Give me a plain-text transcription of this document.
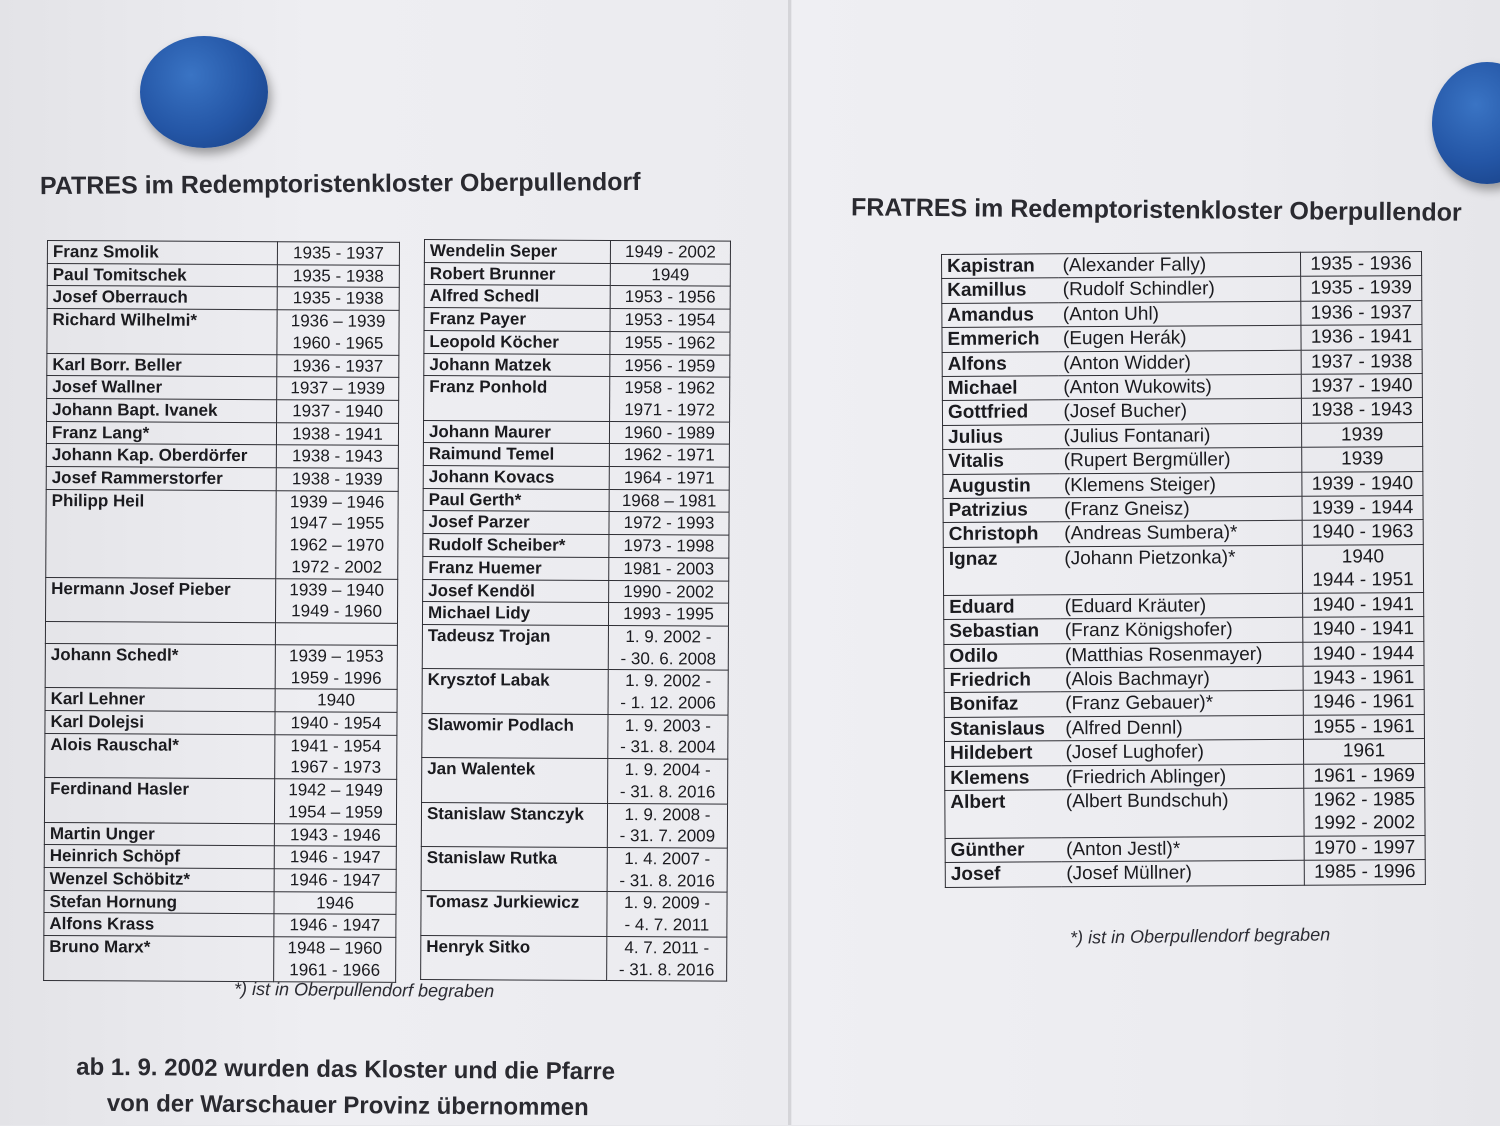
PATRES im Redemptoristenkloster Oberpullendorf
FRATRES im Redemptoristenkloster Oberpullendor
Franz Smolik	1935 - 1937

Paul Tomitschek	1935 - 1938

Josef Oberrauch	1935 - 1938

Richard Wilhelmi*	1936 – 1939
1960 - 1965

Karl Borr. Beller	1936 - 1937

Josef Wallner	1937 – 1939

Johann Bapt. Ivanek	1937 - 1940

Franz Lang*	1938 - 1941

Johann Kap. Oberdörfer	1938 - 1943

Josef Rammerstorfer	1938 - 1939

Philipp Heil	1939 – 1946
1947 – 1955
1962 – 1970
1972 - 2002

Hermann Josef Pieber	1939 – 1940
1949 - 1960

Johann Schedl*	1939 – 1953
1959 - 1996

Karl Lehner	1940

Karl Dolejsi	1940 - 1954

Alois Rauschal*	1941 - 1954
1967 - 1973

Ferdinand Hasler	1942 – 1949
1954 – 1959

Martin Unger	1943 - 1946

Heinrich Schöpf	1946 - 1947

Wenzel Schöbitz*	1946 - 1947

Stefan Hornung	1946

Alfons Krass	1946 - 1947

Bruno Marx*	1948 – 1960
1961 - 1966
Wendelin Seper	1949 - 2002

Robert Brunner	1949

Alfred Schedl	1953 - 1956

Franz Payer	1953 - 1954

Leopold Köcher	1955 - 1962

Johann Matzek	1956 - 1959

Franz Ponhold	1958 - 1962
1971 - 1972

Johann Maurer	1960 - 1989

Raimund Temel	1962 - 1971

Johann Kovacs	1964 - 1971

Paul Gerth*	1968 – 1981

Josef Parzer	1972 - 1993

Rudolf Scheiber*	1973 - 1998

Franz Huemer	1981 - 2003

Josef Kendöl	1990 - 2002

Michael Lidy	1993 - 1995

Tadeusz Trojan	1. 9. 2002 -
- 30. 6. 2008

Krysztof Labak	1. 9. 2002 -
- 1. 12. 2006

Slawomir Podlach	1. 9. 2003 -
- 31. 8. 2004

Jan Walentek	1. 9. 2004 -
- 31. 8. 2016

Stanislaw Stanczyk	1. 9. 2008 -
- 31. 7. 2009

Stanislaw Rutka	1. 4. 2007 -
- 31. 8. 2016

Tomasz Jurkiewicz	1. 9. 2009 -
- 4. 7. 2011

Henryk Sitko	4. 7. 2011 -
- 31. 8. 2016
Kapistran	(Alexander Fally)	1935 - 1936

Kamillus	(Rudolf Schindler)	1935 - 1939

Amandus	(Anton Uhl)	1936 - 1937

Emmerich	(Eugen Herák)	1936 - 1941

Alfons	(Anton Widder)	1937 - 1938

Michael	(Anton Wukowits)	1937 - 1940

Gottfried	(Josef Bucher)	1938 - 1943

Julius	(Julius Fontanari)	1939

Vitalis	(Rupert Bergmüller)	1939

Augustin	(Klemens Steiger)	1939 - 1940

Patrizius	(Franz Gneisz)	1939 - 1944

Christoph	(Andreas Sumbera)*	1940 - 1963

Ignaz	(Johann Pietzonka)*	1940
1944 - 1951

Eduard	(Eduard Kräuter)	1940 - 1941

Sebastian	(Franz Königshofer)	1940 - 1941

Odilo	(Matthias Rosenmayer)	1940 - 1944

Friedrich	(Alois Bachmayr)	1943 - 1961

Bonifaz	(Franz Gebauer)*	1946 - 1961

Stanislaus	(Alfred Dennl)	1955 - 1961

Hildebert	(Josef Lughofer)	1961

Klemens	(Friedrich Ablinger)	1961 - 1969

Albert	(Albert Bundschuh)	1962 - 1985
1992 - 2002

Günther	(Anton Jestl)*	1970 - 1997

Josef	(Josef Müllner)	1985 - 1996
*) ist in Oberpullendorf begraben
*) ist in Oberpullendorf begraben
ab 1. 9. 2002 wurden das Kloster und die Pfarre
von der Warschauer Provinz übernommen
